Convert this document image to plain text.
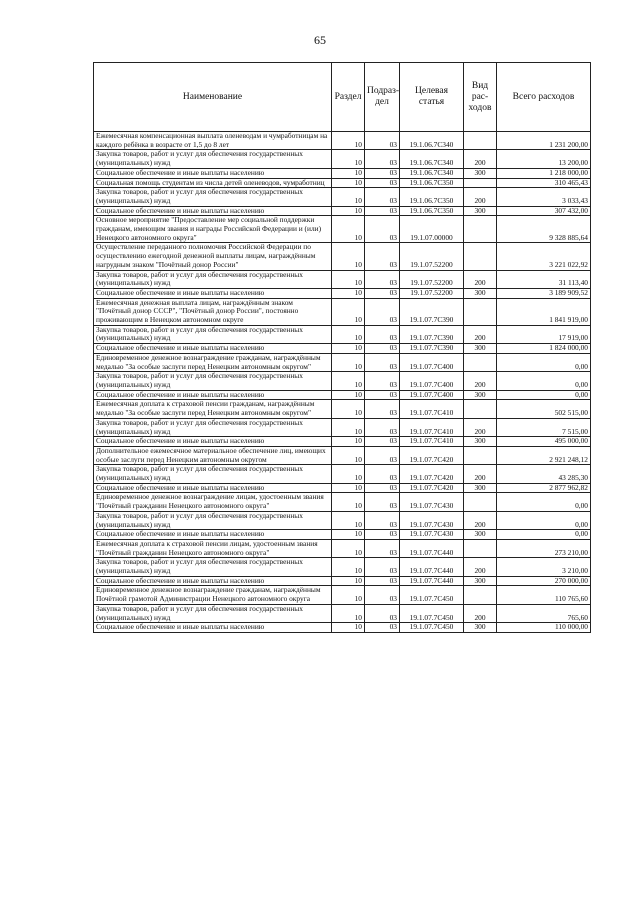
65
Наименование	Раздел	Подраз-дел	Целевая статья	Вид рас-ходов	Всего расходов
Ежемесячная компенсационная выплата оленеводам и чумработницам на каждого ребёнка в возрасте от 1,5 до 8 лет	10	03	19.1.06.7С340		1 231 200,00
Закупка товаров, работ и услуг для обеспечения государственных (муниципальных) нужд	10	03	19.1.06.7С340	200	13 200,00
Социальное обеспечение и иные выплаты населению	10	03	19.1.06.7С340	300	1 218 000,00
Социальная помощь студентам из числа детей оленеводов, чумработниц	10	03	19.1.06.7С350		310 465,43
Закупка товаров, работ и услуг для обеспечения государственных (муниципальных) нужд	10	03	19.1.06.7С350	200	3 033,43
Социальное обеспечение и иные выплаты населению	10	03	19.1.06.7С350	300	307 432,00
Основное мероприятие "Предоставление мер социальной поддержки гражданам, имеющим звания и награды Российской Федерации и (или) Ненецкого автономного округа"	10	03	19.1.07.00000		9 328 885,64
Осуществление переданного полномочия Российской Федерации по осуществлению ежегодной денежной выплаты лицам, награждённым нагрудным знаком "Почётный донор России"	10	03	19.1.07.52200		3 221 022,92
Закупка товаров, работ и услуг для обеспечения государственных (муниципальных) нужд	10	03	19.1.07.52200	200	31 113,40
Социальное обеспечение и иные выплаты населению	10	03	19.1.07.52200	300	3 189 909,52
Ежемесячная денежная выплата лицам, награждённым знаком "Почётный донор СССР", "Почётный донор России", постоянно проживающим в Ненецком автономном округе	10	03	19.1.07.7С390		1 841 919,00
Закупка товаров, работ и услуг для обеспечения государственных (муниципальных) нужд	10	03	19.1.07.7С390	200	17 919,00
Социальное обеспечение и иные выплаты населению	10	03	19.1.07.7С390	300	1 824 000,00
Единовременное денежное вознаграждение гражданам, награждённым медалью "За особые заслуги перед Ненецким автономным округом"	10	03	19.1.07.7С400		0,00
Закупка товаров, работ и услуг для обеспечения государственных (муниципальных) нужд	10	03	19.1.07.7С400	200	0,00
Социальное обеспечение и иные выплаты населению	10	03	19.1.07.7С400	300	0,00
Ежемесячная доплата к страховой пенсии гражданам, награждённым медалью "За особые заслуги перед Ненецким автономным округом"	10	03	19.1.07.7С410		502 515,00
Закупка товаров, работ и услуг для обеспечения государственных (муниципальных) нужд	10	03	19.1.07.7С410	200	7 515,00
Социальное обеспечение и иные выплаты населению	10	03	19.1.07.7С410	300	495 000,00
Дополнительное ежемесячное материальное обеспечение лиц, имеющих особые заслуги перед Ненецким автономным округом	10	03	19.1.07.7С420		2 921 248,12
Закупка товаров, работ и услуг для обеспечения государственных (муниципальных) нужд	10	03	19.1.07.7С420	200	43 285,30
Социальное обеспечение и иные выплаты населению	10	03	19.1.07.7С420	300	2 877 962,82
Единовременное денежное вознаграждение лицам, удостоенным звания "Почётный гражданин Ненецкого автономного округа"	10	03	19.1.07.7С430		0,00
Закупка товаров, работ и услуг для обеспечения государственных (муниципальных) нужд	10	03	19.1.07.7С430	200	0,00
Социальное обеспечение и иные выплаты населению	10	03	19.1.07.7С430	300	0,00
Ежемесячная доплата к страховой пенсии лицам, удостоенным звания "Почётный гражданин Ненецкого автономного округа"	10	03	19.1.07.7С440		273 210,00
Закупка товаров, работ и услуг для обеспечения государственных (муниципальных) нужд	10	03	19.1.07.7С440	200	3 210,00
Социальное обеспечение и иные выплаты населению	10	03	19.1.07.7С440	300	270 000,00
Единовременное денежное вознаграждение гражданам, награждённым Почётной грамотой Администрации Ненецкого автономного округа	10	03	19.1.07.7С450		110 765,60
Закупка товаров, работ и услуг для обеспечения государственных (муниципальных) нужд	10	03	19.1.07.7С450	200	765,60
Социальное обеспечение и иные выплаты населению	10	03	19.1.07.7С450	300	110 000,00
